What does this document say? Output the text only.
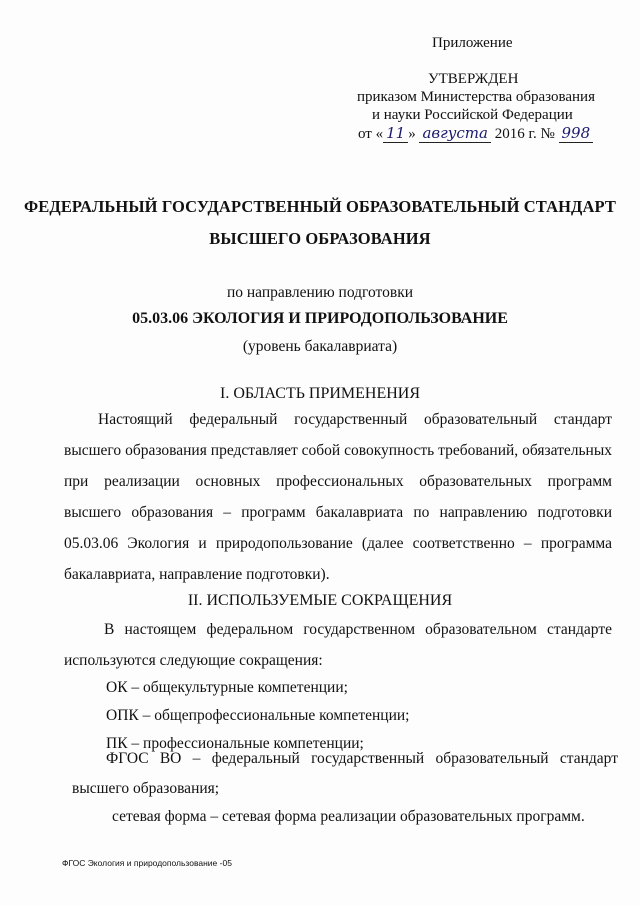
Приложение
УТВЕРЖДЕН
приказом Министерства образования
и науки Российской Федерации
от « 11 » августа 2016 г. № 998
ФЕДЕРАЛЬНЫЙ ГОСУДАРСТВЕННЫЙ ОБРАЗОВАТЕЛЬНЫЙ СТАНДАРТ
ВЫСШЕГО ОБРАЗОВАНИЯ
по направлению подготовки
05.03.06 ЭКОЛОГИЯ И ПРИРОДОПОЛЬЗОВАНИЕ
(уровень бакалавриата)
I. ОБЛАСТЬ ПРИМЕНЕНИЯ
Настоящий федеральный государственный образовательный стандарт высшего образования представляет собой совокупность требований, обязательных при реализации основных профессиональных образовательных программ высшего образования – программ бакалавриата по направлению подготовки 05.03.06 Экология и природопользование (далее соответственно – программа бакалавриата, направление подготовки).
II. ИСПОЛЬЗУЕМЫЕ СОКРАЩЕНИЯ
В настоящем федеральном государственном образовательном стандарте используются следующие сокращения:
ОК – общекультурные компетенции;
ОПК – общепрофессиональные компетенции;
ПК – профессиональные компетенции;
ФГОС ВО – федеральный государственный образовательный стандарт высшего образования;
сетевая форма – сетевая форма реализации образовательных программ.
ФГОС Экология и природопользование -05
